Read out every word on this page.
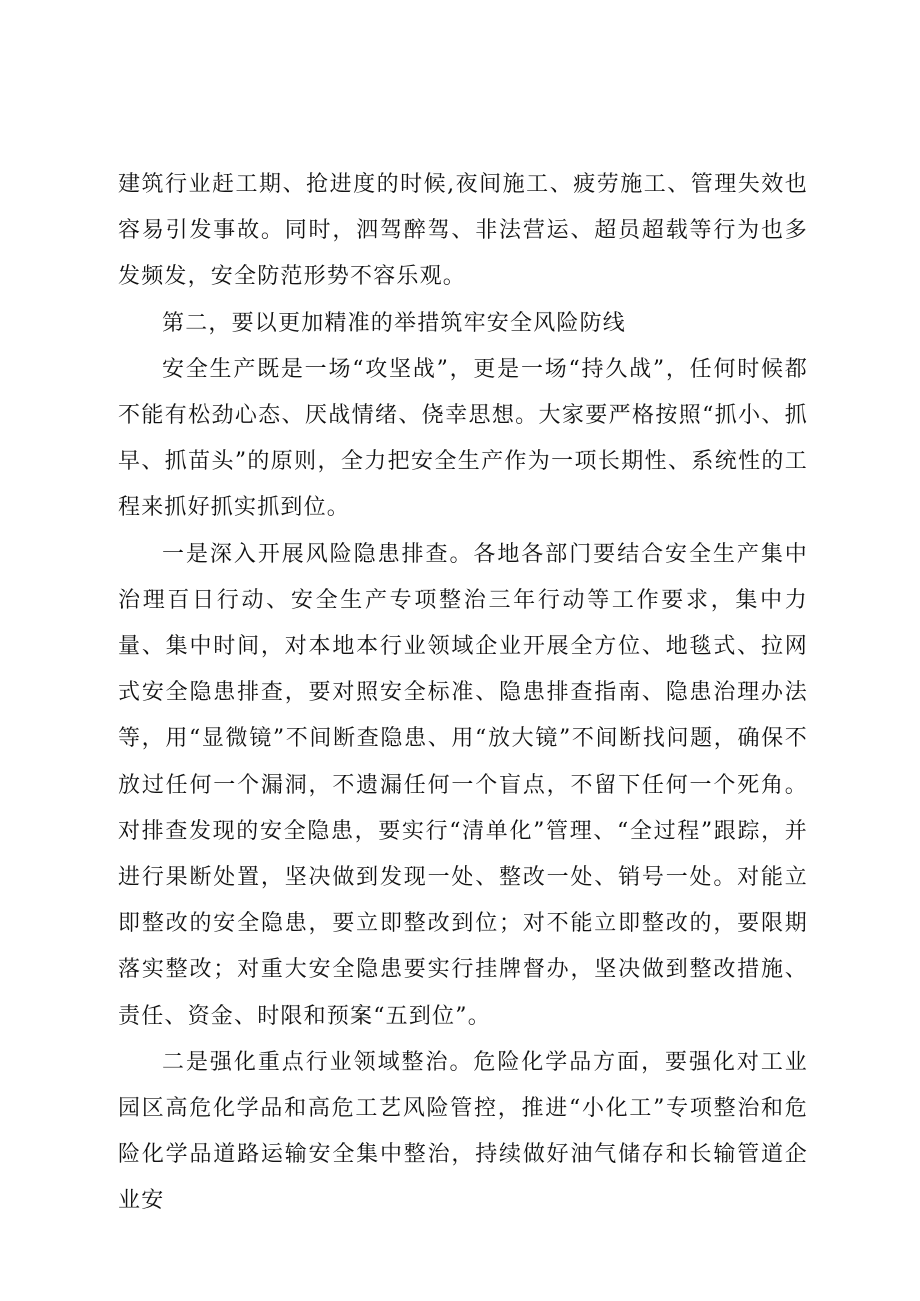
建筑行业赶工期、抢进度的时候,夜间施工、疲劳施工、管理失效也容易引发事故。同时，泗驾醉驾、非法营运、超员超载等行为也多发频发，安全防范形势不容乐观。

第二，要以更加精准的举措筑牢安全风险防线

安全生产既是一场“攻坚战”，更是一场“持久战”，任何时候都不能有松劲心态、厌战情绪、侥幸思想。大家要严格按照“抓小、抓早、抓苗头”的原则，全力把安全生产作为一项长期性、系统性的工程来抓好抓实抓到位。

一是深入开展风险隐患排查。各地各部门要结合安全生产集中治理百日行动、安全生产专项整治三年行动等工作要求，集中力量、集中时间，对本地本行业领域企业开展全方位、地毯式、拉网式安全隐患排查，要对照安全标准、隐患排查指南、隐患治理办法等，用“显微镜”不间断查隐患、用“放大镜”不间断找问题，确保不放过任何一个漏洞，不遗漏任何一个盲点，不留下任何一个死角。对排查发现的安全隐患，要实行“清单化”管理、“全过程”跟踪，并进行果断处置，坚决做到发现一处、整改一处、销号一处。对能立即整改的安全隐患，要立即整改到位；对不能立即整改的，要限期落实整改；对重大安全隐患要实行挂牌督办，坚决做到整改措施、责任、资金、时限和预案“五到位”。

二是强化重点行业领域整治。危险化学品方面，要强化对工业园区高危化学品和高危工艺风险管控，推进“小化工”专项整治和危险化学品道路运输安全集中整治，持续做好油气储存和长输管道企业安
